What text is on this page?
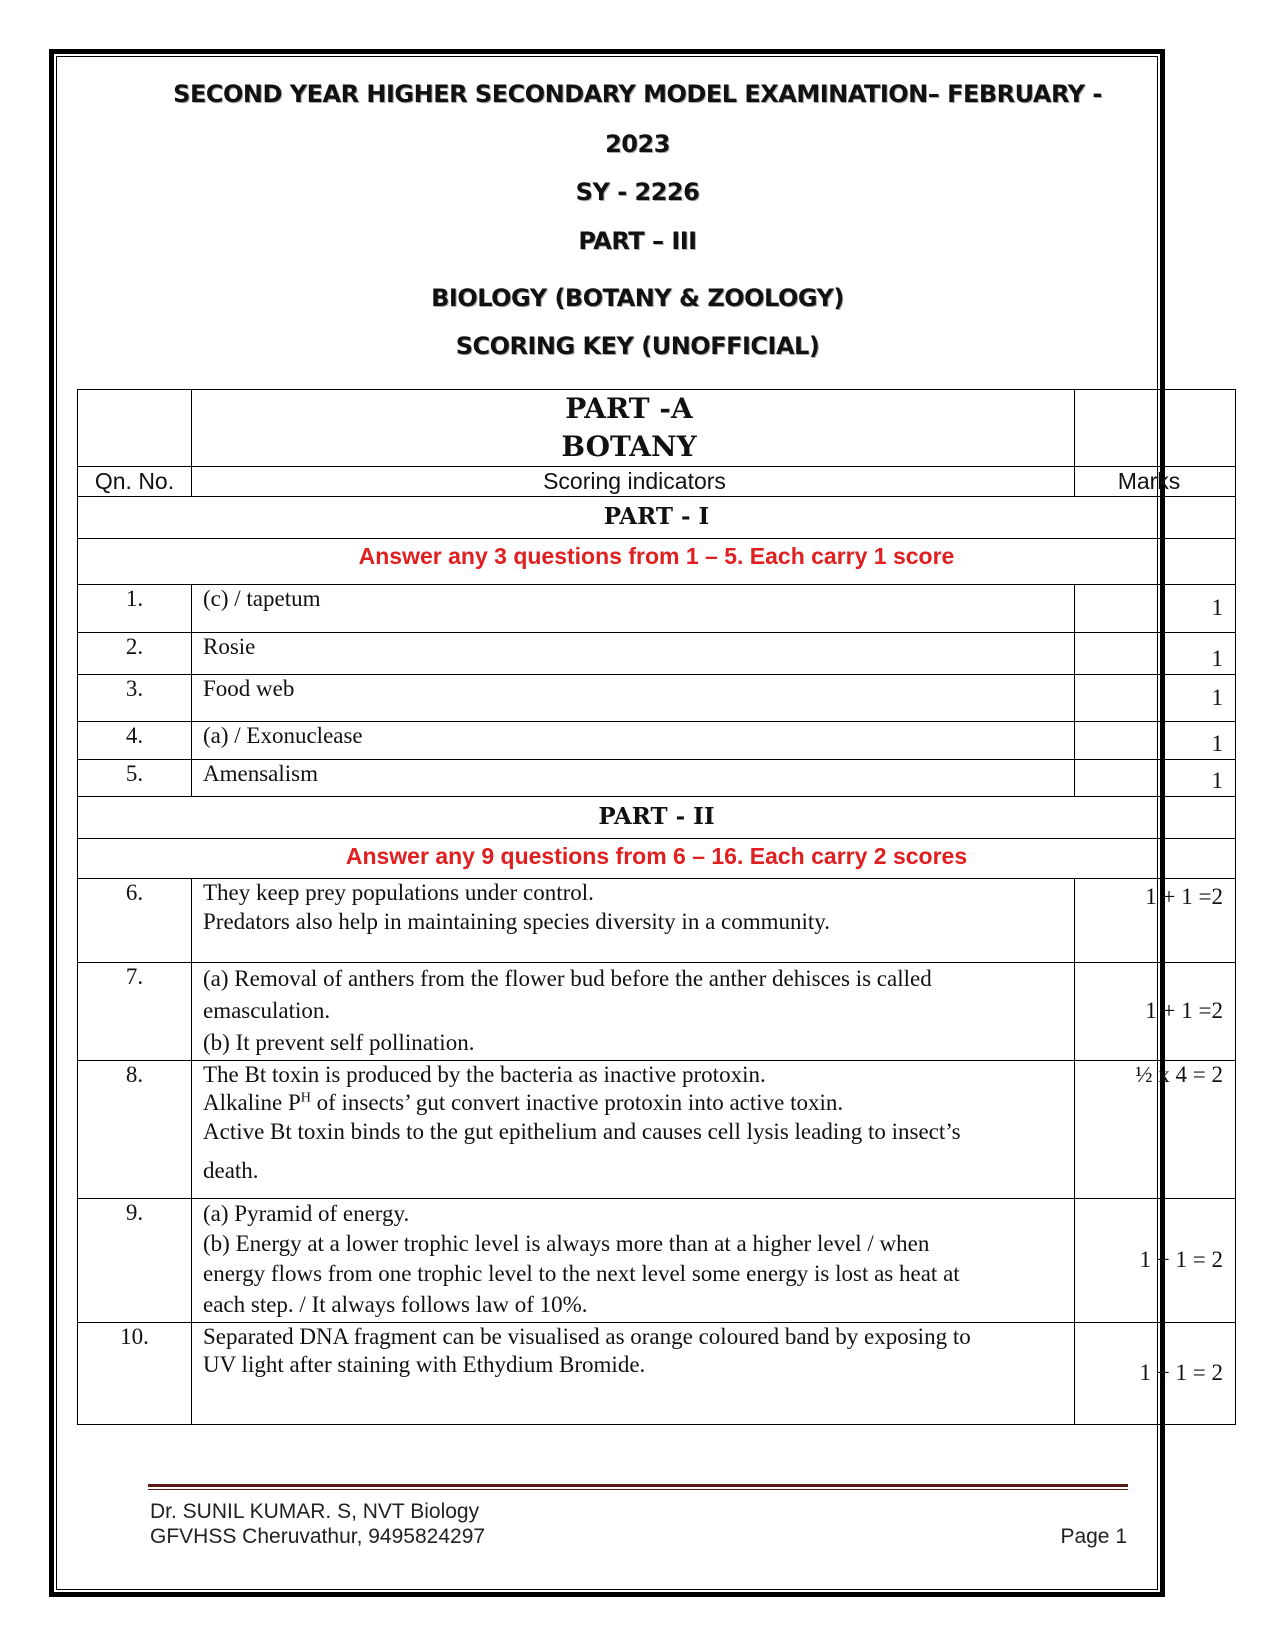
SECOND YEAR HIGHER SECONDARY MODEL EXAMINATION– FEBRUARY -
2023
SY - 2226
PART – III
BIOLOGY (BOTANY & ZOOLOGY)
SCORING KEY (UNOFFICIAL)

	PART -A
BOTANY	

Qn. No.	Scoring indicators	Marks
PART - I		
Answer any 3 questions from 1 – 5. Each carry 1 score		
1.	(c) / tapetum	1
2.	Rosie	1
3.	Food web	1
4.	(a) / Exonuclease	1
5.	Amensalism	1
PART - II		
Answer any 9 questions from 6 – 16. Each carry 2 scores		
6.	They keep prey populations under control.
Predators also help in maintaining species diversity in a community.	1 + 1 =2
7.	(a) Removal of anthers from the flower bud before the anther dehisces is called
emasculation.
(b) It prevent self pollination.	1 + 1 =2
8.	The Bt toxin is produced by the bacteria as inactive protoxin.
Alkaline $P^H$ of insects’ gut convert inactive protoxin into active toxin.
Active Bt toxin binds to the gut epithelium and causes cell lysis leading to insect’s
death.	½ x 4 = 2
9.	(a) Pyramid of energy.
(b) Energy at a lower trophic level is always more than at a higher level / when
energy flows from one trophic level to the next level some energy is lost as heat at
each step. / It always follows law of 10%.	1 + 1 = 2
10.	Separated DNA fragment can be visualised as orange coloured band by exposing to
UV light after staining with Ethydium Bromide.	1 + 1 = 2
Dr. SUNIL KUMAR. S, NVT Biology
GFVHSS Cheruvathur, 9495824297	Page 1
